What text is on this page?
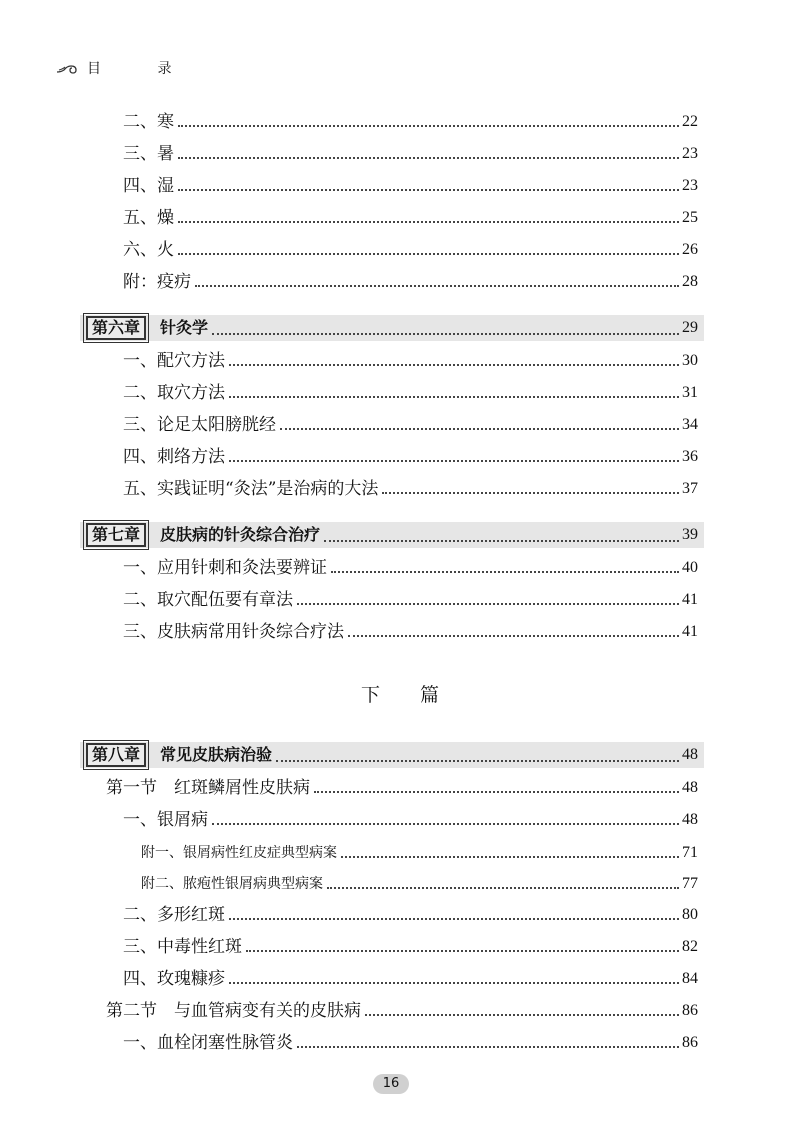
目 录
二、寒	22
三、暑	23
四、湿	23
五、燥	25
六、火	26
附：疫疠	28
第六章	针灸学	29
一、配穴方法	30
二、取穴方法	31
三、论足太阳膀胱经	34
四、刺络方法	36
五、实践证明“灸法”是治病的大法	37
第七章	皮肤病的针灸综合治疗	39
一、应用针刺和灸法要辨证	40
二、取穴配伍要有章法	41
三、皮肤病常用针灸综合疗法	41
下篇
第八章	常见皮肤病治验	48
第一节　红斑鳞屑性皮肤病	48
一、银屑病	48
附一、银屑病性红皮症典型病案	71
附二、脓疱性银屑病典型病案	77
二、多形红斑	80
三、中毒性红斑	82
四、玫瑰糠疹	84
第二节　与血管病变有关的皮肤病	86
一、血栓闭塞性脉管炎	86
16
